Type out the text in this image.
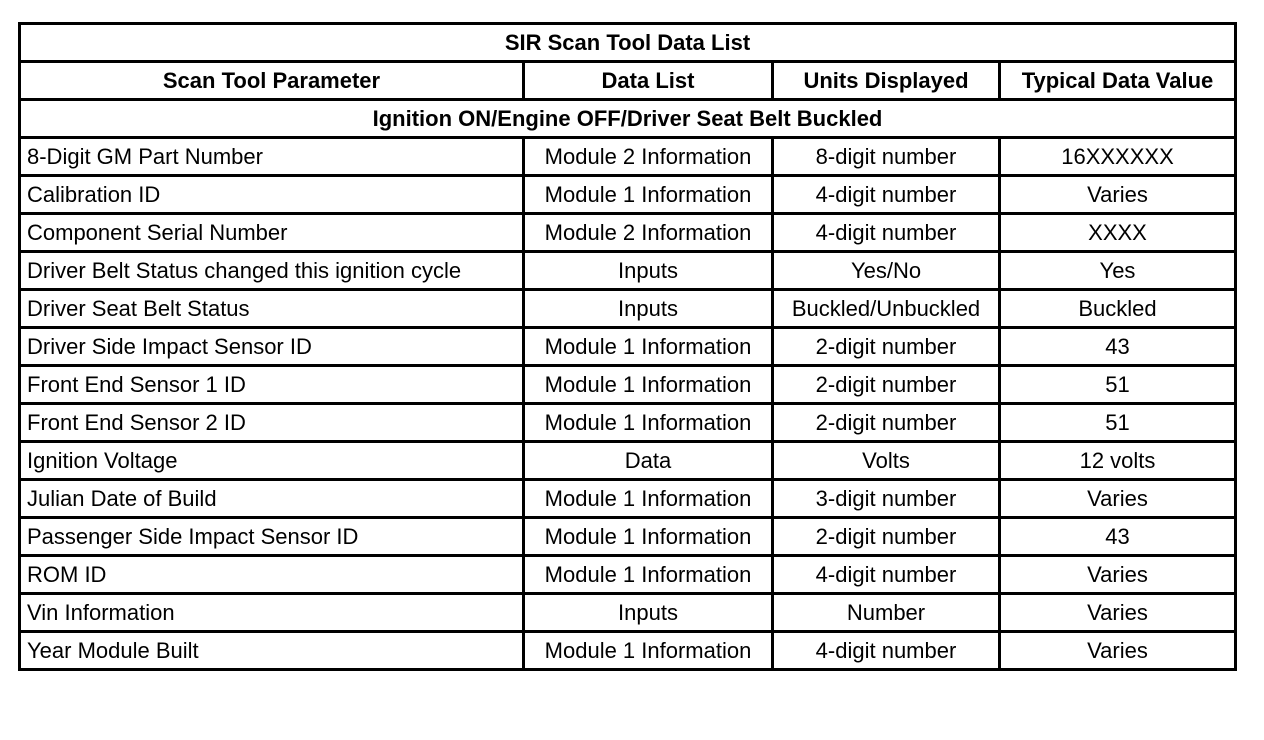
SIR Scan Tool Data List			
Scan Tool Parameter	Data List	Units Displayed	Typical Data Value
Ignition ON/Engine OFF/Driver Seat Belt Buckled			
8-Digit GM Part Number	Module 2 Information	8-digit number	16XXXXXX
Calibration ID	Module 1 Information	4-digit number	Varies
Component Serial Number	Module 2 Information	4-digit number	XXXX
Driver Belt Status changed this ignition cycle	Inputs	Yes/No	Yes
Driver Seat Belt Status	Inputs	Buckled/Unbuckled	Buckled
Driver Side Impact Sensor ID	Module 1 Information	2-digit number	43
Front End Sensor 1 ID	Module 1 Information	2-digit number	51
Front End Sensor 2 ID	Module 1 Information	2-digit number	51
Ignition Voltage	Data	Volts	12 volts
Julian Date of Build	Module 1 Information	3-digit number	Varies
Passenger Side Impact Sensor ID	Module 1 Information	2-digit number	43
ROM ID	Module 1 Information	4-digit number	Varies
Vin Information	Inputs	Number	Varies
Year Module Built	Module 1 Information	4-digit number	Varies
